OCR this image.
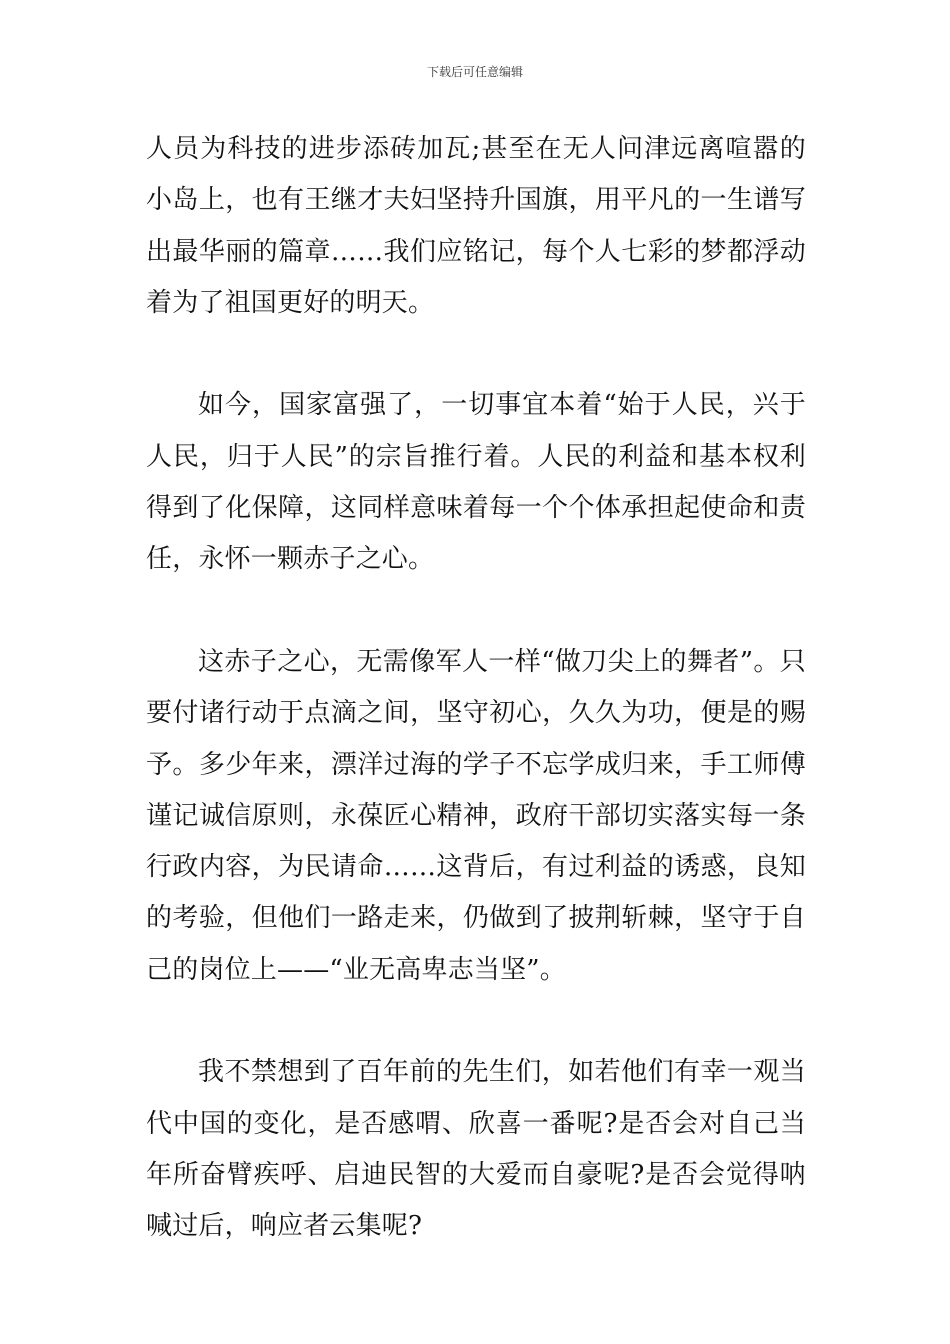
下载后可任意编辑

人员为科技的进步添砖加瓦;甚至在无人问津远离喧嚣的小岛上，也有王继才夫妇坚持升国旗，用平凡的一生谱写出最华丽的篇章……我们应铭记，每个人七彩的梦都浮动着为了祖国更好的明天。

如今，国家富强了，一切事宜本着“始于人民，兴于人民，归于人民”的宗旨推行着。人民的利益和基本权利得到了化保障，这同样意味着每一个个体承担起使命和责任，永怀一颗赤子之心。

这赤子之心，无需像军人一样“做刀尖上的舞者”。只要付诸行动于点滴之间，坚守初心，久久为功，便是的赐予。多少年来，漂洋过海的学子不忘学成归来，手工师傅谨记诚信原则，永葆匠心精神，政府干部切实落实每一条行政内容，为民请命……这背后，有过利益的诱惑，良知的考验，但他们一路走来，仍做到了披荆斩棘，坚守于自己的岗位上——“业无高卑志当坚”。

我不禁想到了百年前的先生们，如若他们有幸一观当代中国的变化，是否感喟、欣喜一番呢?是否会对自己当年所奋臂疾呼、启迪民智的大爱而自豪呢?是否会觉得呐喊过后，响应者云集呢?
